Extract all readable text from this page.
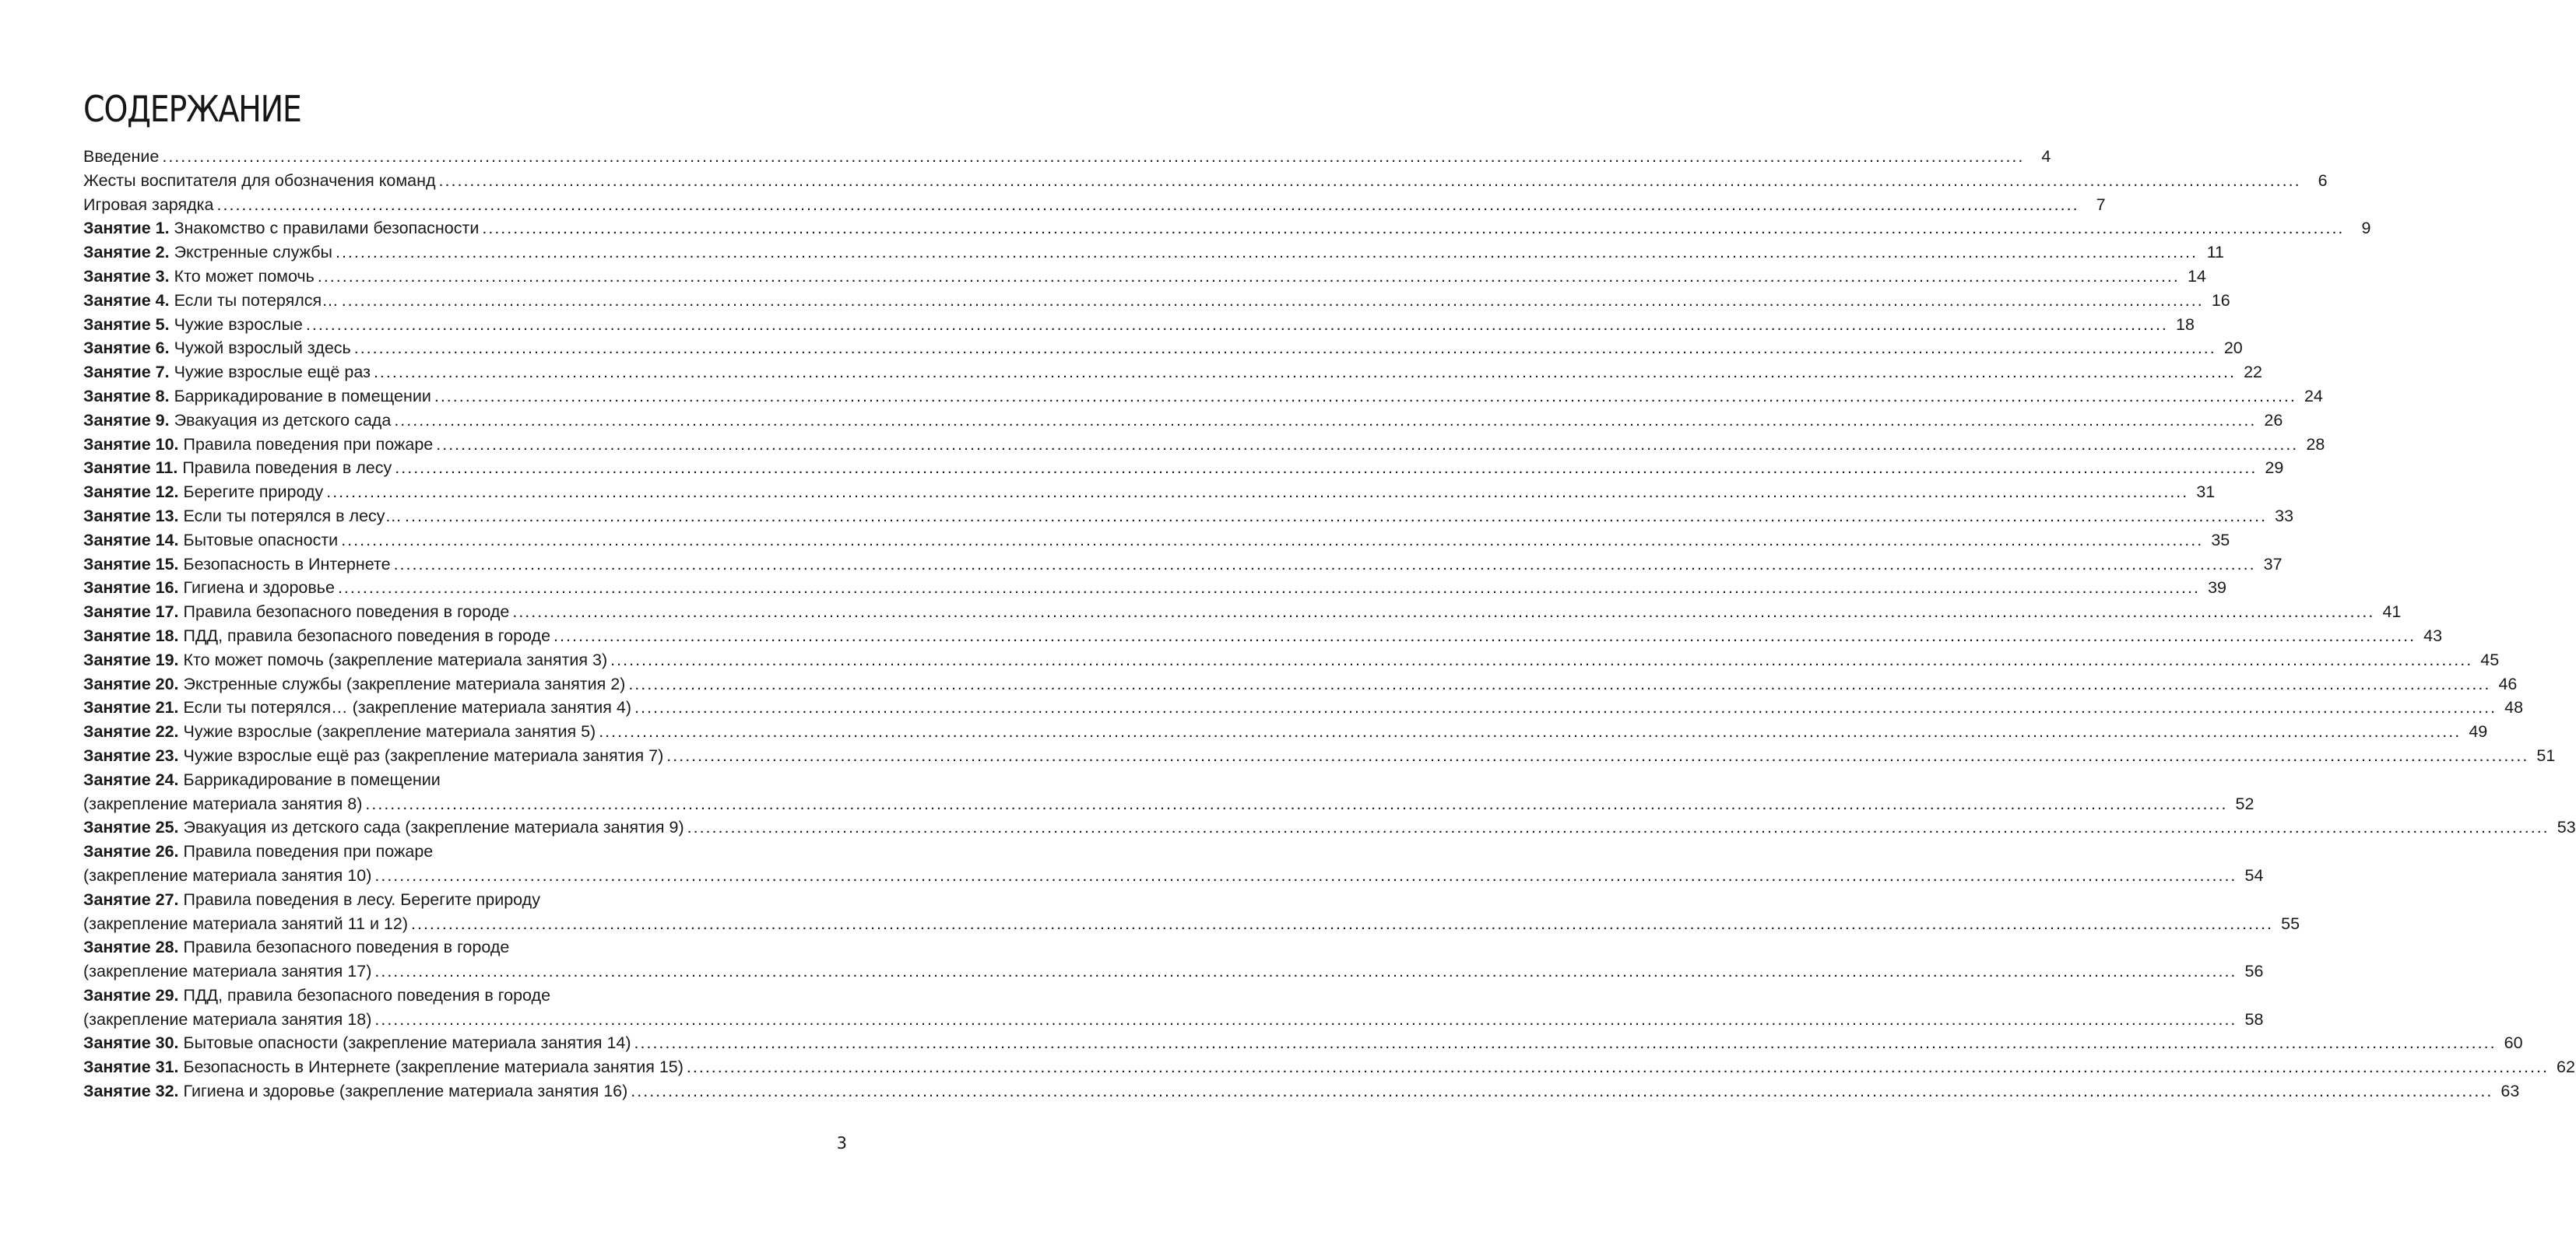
СОДЕРЖАНИЕ
Введение ............................................................................................................................................................................................................................................................................................................	4
Жесты воспитателя для обозначения команд ............................................................................................................................................................................................................................................................................................................	6
Игровая зарядка ............................................................................................................................................................................................................................................................................................................	7
Занятие 1. Знакомство с правилами безопасности ............................................................................................................................................................................................................................................................................................................	9
Занятие 2. Экстренные службы ............................................................................................................................................................................................................................................................................................................ 11
Занятие 3. Кто может помочь ............................................................................................................................................................................................................................................................................................................ 14
Занятие 4. Если ты потерялся… ............................................................................................................................................................................................................................................................................................................ 16
Занятие 5. Чужие взрослые ............................................................................................................................................................................................................................................................................................................ 18
Занятие 6. Чужой взрослый здесь ............................................................................................................................................................................................................................................................................................................ 20
Занятие 7. Чужие взрослые ещё раз ............................................................................................................................................................................................................................................................................................................ 22
Занятие 8. Баррикадирование в помещении ............................................................................................................................................................................................................................................................................................................ 24
Занятие 9. Эвакуация из детского сада ............................................................................................................................................................................................................................................................................................................ 26
Занятие 10. Правила поведения при пожаре ............................................................................................................................................................................................................................................................................................................ 28
Занятие 11. Правила поведения в лесу ............................................................................................................................................................................................................................................................................................................ 29
Занятие 12. Берегите природу ............................................................................................................................................................................................................................................................................................................ 31
Занятие 13. Если ты потерялся в лесу… ............................................................................................................................................................................................................................................................................................................ 33
Занятие 14. Бытовые опасности ............................................................................................................................................................................................................................................................................................................ 35
Занятие 15. Безопасность в Интернете ............................................................................................................................................................................................................................................................................................................ 37
Занятие 16. Гигиена и здоровье ............................................................................................................................................................................................................................................................................................................ 39
Занятие 17. Правила безопасного поведения в городе ............................................................................................................................................................................................................................................................................................................ 41
Занятие 18. ПДД, правила безопасного поведения в городе ............................................................................................................................................................................................................................................................................................................ 43
Занятие 19. Кто может помочь (закрепление материала занятия 3) ............................................................................................................................................................................................................................................................................................................ 45
Занятие 20. Экстренные службы (закрепление материала занятия 2) ............................................................................................................................................................................................................................................................................................................ 46
Занятие 21. Если ты потерялся… (закрепление материала занятия 4) ............................................................................................................................................................................................................................................................................................................ 48
Занятие 22. Чужие взрослые (закрепление материала занятия 5) ............................................................................................................................................................................................................................................................................................................ 49
Занятие 23. Чужие взрослые ещё раз (закрепление материала занятия 7) ............................................................................................................................................................................................................................................................................................................ 51
Занятие 24. Баррикадирование в помещении
(закрепление материала занятия 8) ............................................................................................................................................................................................................................................................................................................ 52
Занятие 25. Эвакуация из детского сада (закрепление материала занятия 9) ............................................................................................................................................................................................................................................................................................................ 53
Занятие 26. Правила поведения при пожаре
(закрепление материала занятия 10) ............................................................................................................................................................................................................................................................................................................ 54
Занятие 27. Правила поведения в лесу. Берегите природу
(закрепление материала занятий 11 и 12) ............................................................................................................................................................................................................................................................................................................ 55
Занятие 28. Правила безопасного поведения в городе
(закрепление материала занятия 17) ............................................................................................................................................................................................................................................................................................................ 56
Занятие 29. ПДД, правила безопасного поведения в городе
(закрепление материала занятия 18) ............................................................................................................................................................................................................................................................................................................ 58
Занятие 30. Бытовые опасности (закрепление материала занятия 14) ............................................................................................................................................................................................................................................................................................................ 60
Занятие 31. Безопасность в Интернете (закрепление материала занятия 15) ............................................................................................................................................................................................................................................................................................................ 62
Занятие 32. Гигиена и здоровье (закрепление материала занятия 16) ............................................................................................................................................................................................................................................................................................................ 63
3
